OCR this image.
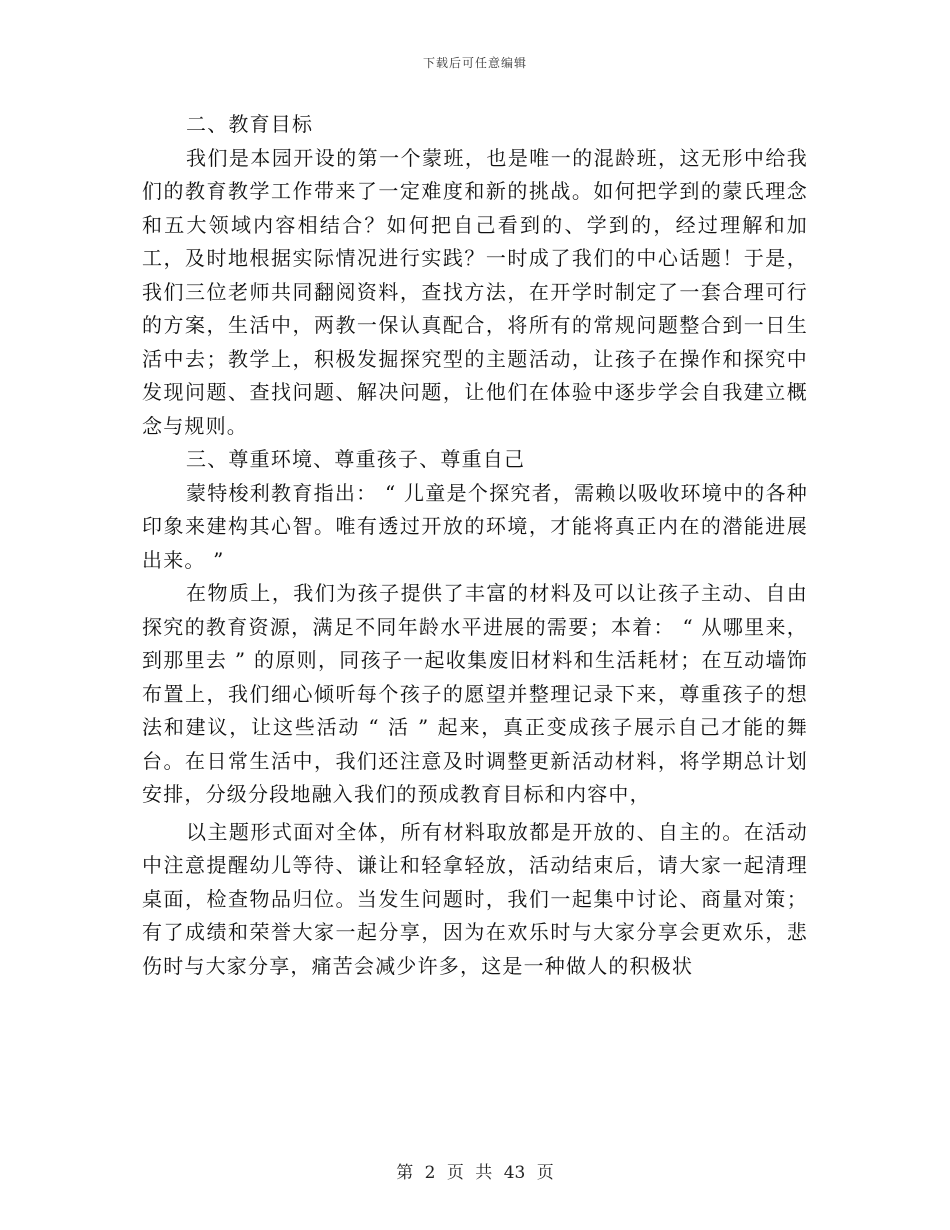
下载后可任意编辑

二、教育目标

我们是本园开设的第一个蒙班，也是唯一的混龄班，这无形中给我们的教育教学工作带来了一定难度和新的挑战。如何把学到的蒙氏理念和五大领域内容相结合？如何把自己看到的、学到的，经过理解和加工，及时地根据实际情况进行实践？一时成了我们的中心话题！于是，我们三位老师共同翻阅资料，查找方法，在开学时制定了一套合理可行的方案，生活中，两教一保认真配合，将所有的常规问题整合到一日生活中去；教学上，积极发掘探究型的主题活动，让孩子在操作和探究中发现问题、查找问题、解决问题，让他们在体验中逐步学会自我建立概念与规则。

三、尊重环境、尊重孩子、尊重自己

蒙特梭利教育指出： “ 儿童是个探究者，需赖以吸收环境中的各种印象来建构其心智。唯有透过开放的环境，才能将真正内在的潜能进展出来。 ”

在物质上，我们为孩子提供了丰富的材料及可以让孩子主动、自由探究的教育资源，满足不同年龄水平进展的需要；本着： “ 从哪里来，到那里去 ” 的原则，同孩子一起收集废旧材料和生活耗材；在互动墙饰布置上，我们细心倾听每个孩子的愿望并整理记录下来，尊重孩子的想法和建议，让这些活动 “ 活 ” 起来，真正变成孩子展示自己才能的舞台。在日常生活中，我们还注意及时调整更新活动材料，将学期总计划安排，分级分段地融入我们的预成教育目标和内容中，

以主题形式面对全体，所有材料取放都是开放的、自主的。在活动中注意提醒幼儿等待、谦让和轻拿轻放，活动结束后，请大家一起清理桌面，检查物品归位。当发生问题时，我们一起集中讨论、商量对策；有了成绩和荣誉大家一起分享，因为在欢乐时与大家分享会更欢乐，悲伤时与大家分享，痛苦会减少许多，这是一种做人的积极状

第 2 页 共 43 页
